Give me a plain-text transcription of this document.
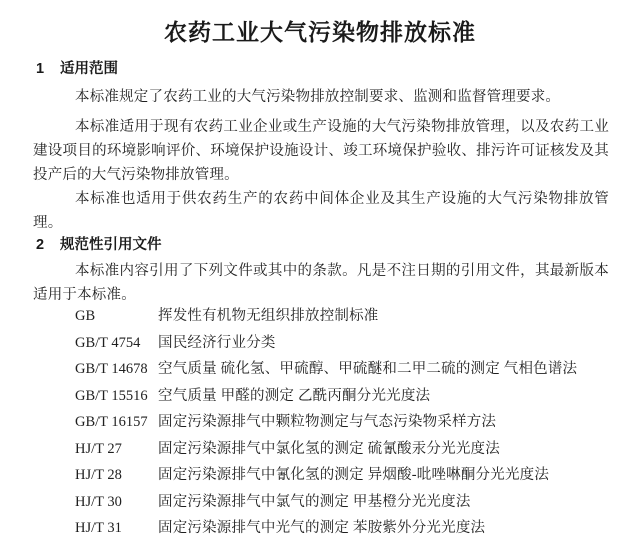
农药工业大气污染物排放标准
1	适用范围

本标准规定了农药工业的大气污染物排放控制要求、监测和监督管理要求。

本标准适用于现有农药工业企业或生产设施的大气污染物排放管理，以及农药工业建设项目的环境影响评价、环境保护设施设计、竣工环境保护验收、排污许可证核发及其投产后的大气污染物排放管理。

本标准也适用于供农药生产的农药中间体企业及其生产设施的大气污染物排放管理。

2	规范性引用文件

本标准内容引用了下列文件或其中的条款。凡是不注日期的引用文件，其最新版本适用于本标准。

GB	挥发性有机物无组织排放控制标准
GB/T 4754	国民经济行业分类
GB/T 14678 空气质量 硫化氢、甲硫醇、甲硫醚和二甲二硫的测定 气相色谱法
GB/T 15516 空气质量 甲醛的测定 乙酰丙酮分光光度法
GB/T 16157 固定污染源排气中颗粒物测定与气态污染物采样方法
HJ/T 27	固定污染源排气中氯化氢的测定 硫氰酸汞分光光度法
HJ/T 28	固定污染源排气中氰化氢的测定 异烟酸-吡唑啉酮分光光度法
HJ/T 30	固定污染源排气中氯气的测定 甲基橙分光光度法
HJ/T 31	固定污染源排气中光气的测定 苯胺紫外分光光度法
